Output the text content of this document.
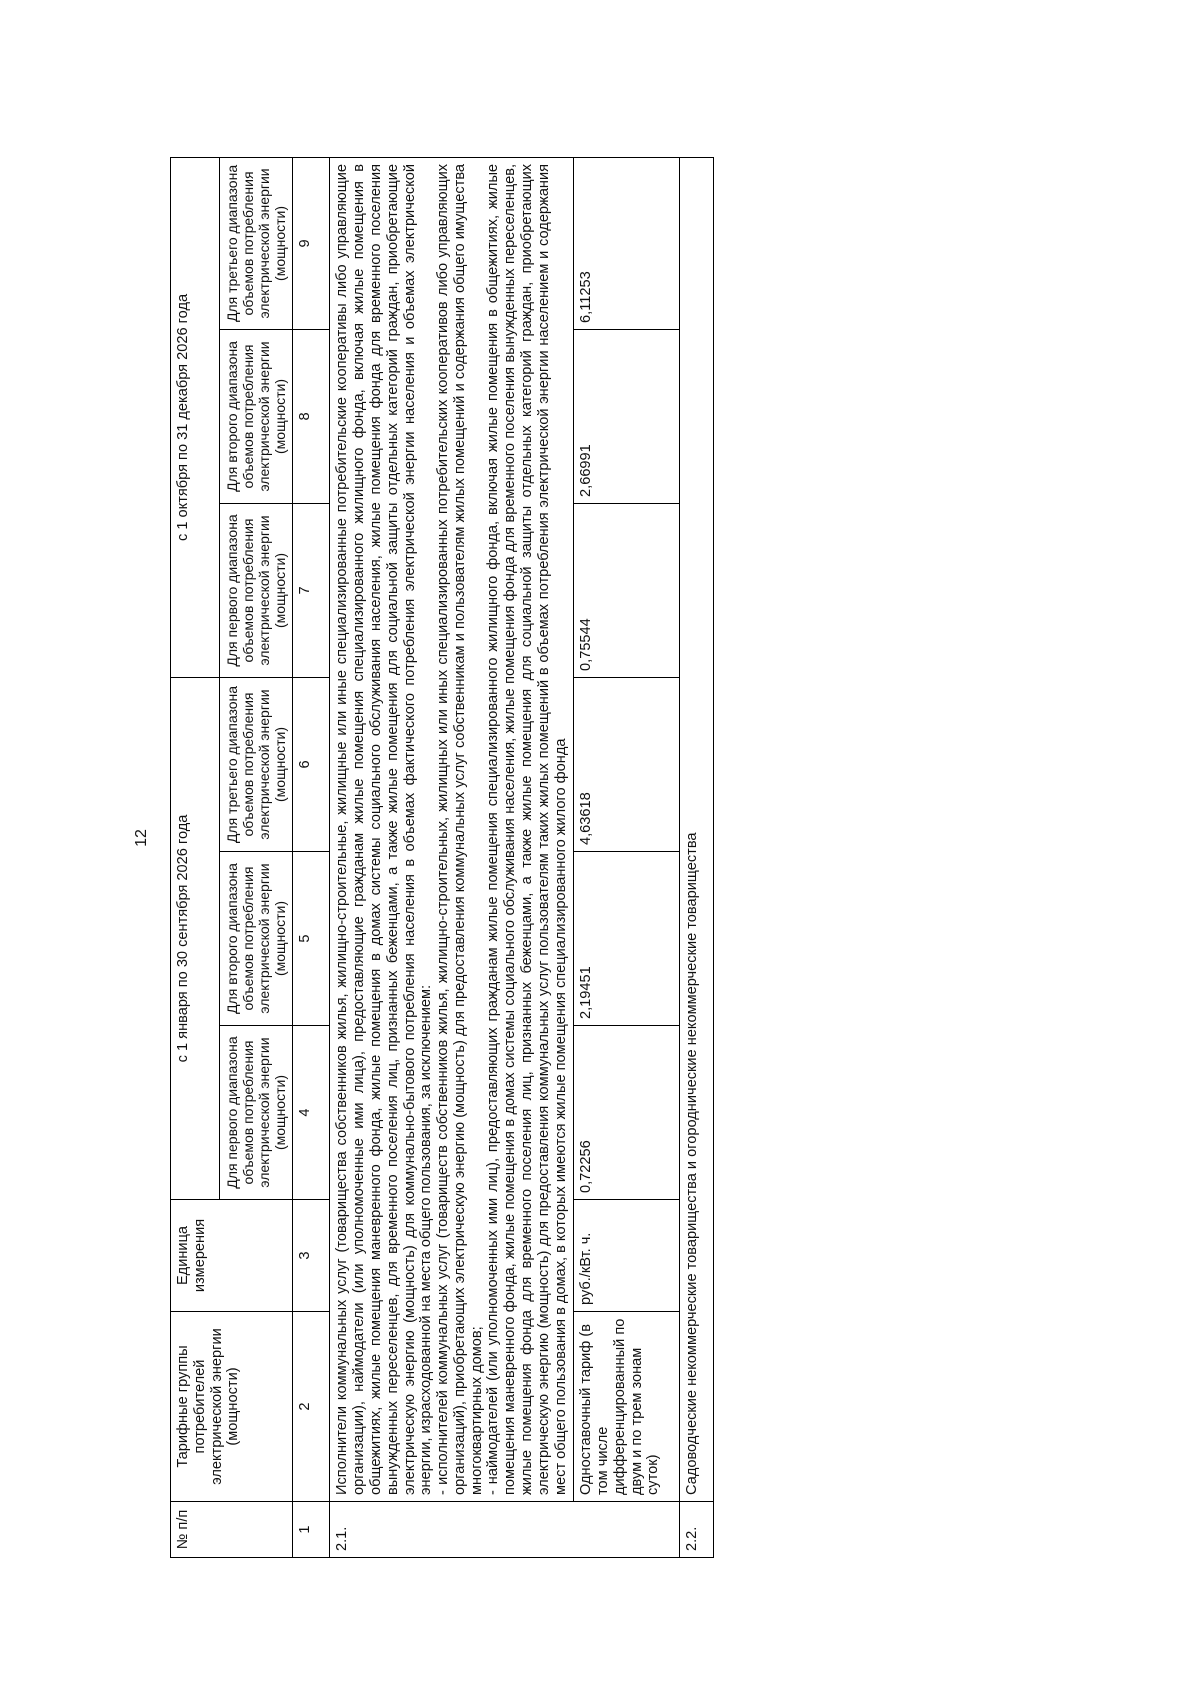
12
№ п/п	Тарифные группы потребителей электрической энергии (мощности)	Единица измерения	с 1 января по 30 сентября 2026 года			с 1 октября по 31 декабря 2026 года		
			Для первого диапазона объемов потребления электрической энергии (мощности)	Для второго диапазона объемов потребления электрической энергии (мощности)	Для третьего диапазона объемов потребления электрической энергии (мощности)	Для первого диапазона объемов потребления электрической энергии (мощности)	Для второго диапазона объемов потребления электрической энергии (мощности)	Для третьего диапазона объемов потребления электрической энергии (мощности)
1	2	3	4	5	6	7	8	9
2.1.	Исполнители коммунальных услуг (товарищества собственников жилья, жилищно-строительные, жилищные или иные специализированные потребительские кооперативы либо управляющие организации), наймодатели (или уполномоченные ими лица), предоставляющие гражданам жилые помещения специализированного жилищного фонда, включая жилые помещения в общежитиях, жилые помещения маневренного фонда, жилые помещения в домах системы социального обслуживания населения, жилые помещения фонда для временного поселения вынужденных переселенцев, для временного поселения лиц, признанных беженцами, а также жилые помещения для социальной защиты отдельных категорий граждан, приобретающие электрическую энергию (мощность) для коммунально-бытового потребления населения в объемах фактического потребления электрической энергии населения и объемах электрической энергии, израсходованной на места общего пользования, за исключением: - исполнителей коммунальных услуг (товариществ собственников жилья, жилищно-строительных, жилищных или иных специализированных потребительских кооперативов либо управляющих организаций), приобретающих электрическую энергию (мощность) для предоставления коммунальных услуг собственникам и пользователям жилых помещений и содержания общего имущества многоквартирных домов; - наймодателей (или уполномоченных ими лиц), предоставляющих гражданам жилые помещения специализированного жилищного фонда, включая жилые помещения в общежитиях, жилые помещения маневренного фонда, жилые помещения в домах системы социального обслуживания населения, жилые помещения фонда для временного поселения вынужденных переселенцев, жилые помещения фонда для временного поселения лиц, признанных беженцами, а также жилые помещения для социальной защиты отдельных категорий граждан, приобретающих электрическую энергию (мощность) для предоставления коммунальных услуг пользователям таких жилых помещений в объемах потребления электрической энергии населением и содержания мест общего пользования в домах, в которых имеются жилые помещения специализированного жилого фонда							

	Одноставочный тариф (в том числе дифференцированный по двум и по трем зонам суток)	руб./кВт. ч.	0,72256	2,19451	4,63618	0,75544	2,66991	6,11253
2.2.	Садоводческие некоммерческие товарищества и огороднические некоммерческие товарищества							
